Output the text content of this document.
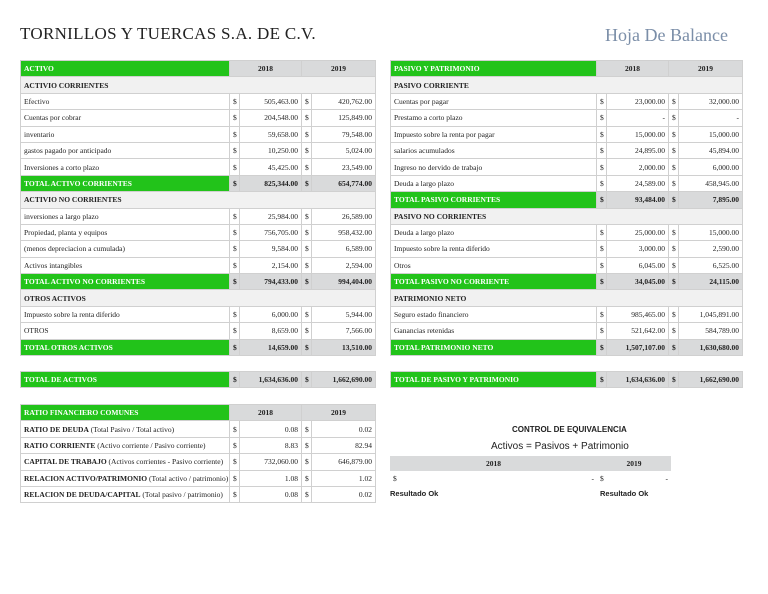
TORNILLOS Y TUERCAS S.A. DE C.V.	Hoja De Balance
ACTIVO	2018		2019	
ACTIVIO CORRIENTES				
Efectivo	$	505,463.00	$	420,762.00
Cuentas por cobrar	$	204,548.00	$	125,849.00
inventario	$	59,658.00	$	79,548.00
gastos pagado por anticipado	$	10,250.00	$	5,024.00
Inversiones a corto plazo	$	45,425.00	$	23,549.00
TOTAL ACTIVO CORRIENTES	$	825,344.00	$	654,774.00
ACTIVIO NO CORRIENTES				
inversiones a largo plazo	$	25,984.00	$	26,589.00
Propiedad, planta y equipos	$	756,705.00	$	958,432.00
(menos depreciacion a cumulada)	$	9,584.00	$	6,589.00
Activos intangibles	$	2,154.00	$	2,594.00
TOTAL ACTIVO NO CORRIENTES	$	794,433.00	$	994,404.00
OTROS ACTIVOS				
Impuesto sobre la renta diferido	$	6,000.00	$	5,944.00
OTROS	$	8,659.00	$	7,566.00
TOTAL OTROS ACTIVOS	$	14,659.00	$	13,510.00
PASIVO Y PATRIMONIO	2018		2019	
PASIVO CORRIENTE				
Cuentas por pagar	$	23,000.00	$	32,000.00
Prestamo a corto plazo	$	-	$	-
Impuesto sobre la renta por pagar	$	15,000.00	$	15,000.00
salarios acumulados	$	24,895.00	$	45,894.00
Ingreso no dervido de trabajo	$	2,000.00	$	6,000.00
Deuda a largo plazo	$	24,589.00	$	458,945.00
TOTAL PASIVO CORRIENTES	$	93,484.00	$	7,895.00
PASIVO NO CORRIENTES				
Deuda a largo plazo	$	25,000.00	$	15,000.00
Impuesto sobre la renta diferido	$	3,000.00	$	2,590.00
Otros	$	6,045.00	$	6,525.00
TOTAL PASIVO NO CORRIENTE	$	34,045.00	$	24,115.00
PATRIMONIO NETO				
Seguro estado financiero	$	985,465.00	$	1,045,891.00
Ganancias retenidas	$	521,642.00	$	584,789.00
TOTAL PATRIMONIO NETO	$	1,507,107.00	$	1,630,680.00
TOTAL DE ACTIVOS	$	1,634,636.00	$	1,662,690.00	TOTAL DE PASIVO Y PATRIMONIO	$	1,634,636.00	$	1,662,690.00
RATIO FINANCIERO COMUNES	2018		2019	
RATIO DE DEUDA (Total Pasivo / Total activo)	$	0.08	$	0.02
RATIO CORRIENTE (Activo corriente / Pasivo corriente)	$	8.83	$	82.94
CAPITAL DE TRABAJO (Activos corrientes - Pasivo corriente)	$	732,060.00	$	646,879.00
RELACION ACTIVO/PATRIMONIO (Total activo / patrimonio)	$	1.08	$	1.02
RELACION DE DEUDA/CAPITAL (Total pasivo / patrimonio)	$	0.08	$	0.02
CONTROL DE EQUIVALENCIA
Activos = Pasivos + Patrimonio
2018		2019	
$	-	$	-
Resultado Ok	Resultado Ok
